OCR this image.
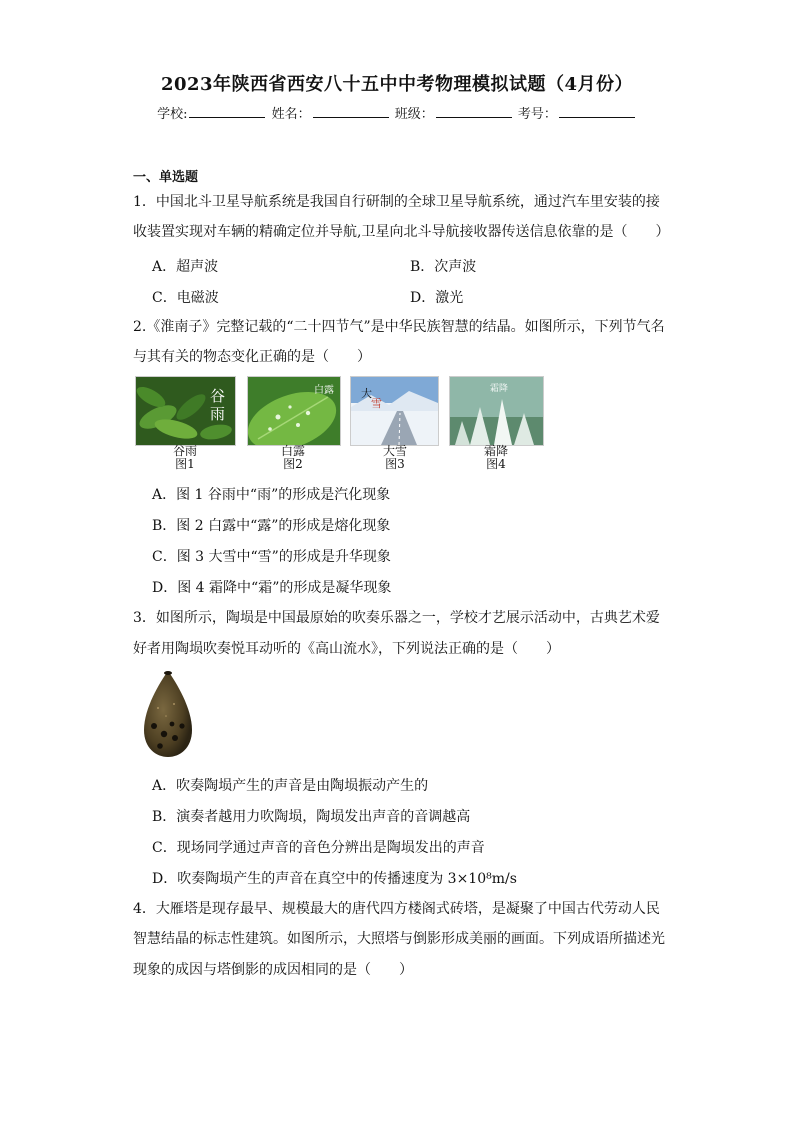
2023年陕西省西安八十五中中考物理模拟试题（4月份）
学校:	姓名：	班级：	考号：
一、单选题
1．中国北斗卫星导航系统是我国自行研制的全球卫星导航系统，通过汽车里安装的接
收装置实现对车辆的精确定位并导航,卫星向北斗导航接收器传送信息依靠的是（　　）
A．超声波	B．次声波
C．电磁波	D．激光
2.《淮南子》完整记载的“二十四节气”是中华民族智慧的结晶。如图所示，下列节气名
与其有关的物态变化正确的是（　　）
谷
雨
白露 大
雪
霜降
谷雨
图1
白露
图2
大雪
图3
霜降
图4
A．图 1 谷雨中“雨”的形成是汽化现象
B．图 2 白露中“露”的形成是熔化现象
C．图 3 大雪中“雪”的形成是升华现象
D．图 4 霜降中“霜”的形成是凝华现象
3．如图所示，陶埙是中国最原始的吹奏乐器之一，学校才艺展示活动中，古典艺术爱
好者用陶埙吹奏悦耳动听的《高山流水》，下列说法正确的是（　　）
A．吹奏陶埙产生的声音是由陶埙振动产生的
B．演奏者越用力吹陶埙，陶埙发出声音的音调越高
C．现场同学通过声音的音色分辨出是陶埙发出的声音
D．吹奏陶埙产生的声音在真空中的传播速度为 3×10⁸m/s
4．大雁塔是现存最早、规模最大的唐代四方楼阁式砖塔，是凝聚了中国古代劳动人民
智慧结晶的标志性建筑。如图所示，大照塔与倒影形成美丽的画面。下列成语所描述光
现象的成因与塔倒影的成因相同的是（　　）
